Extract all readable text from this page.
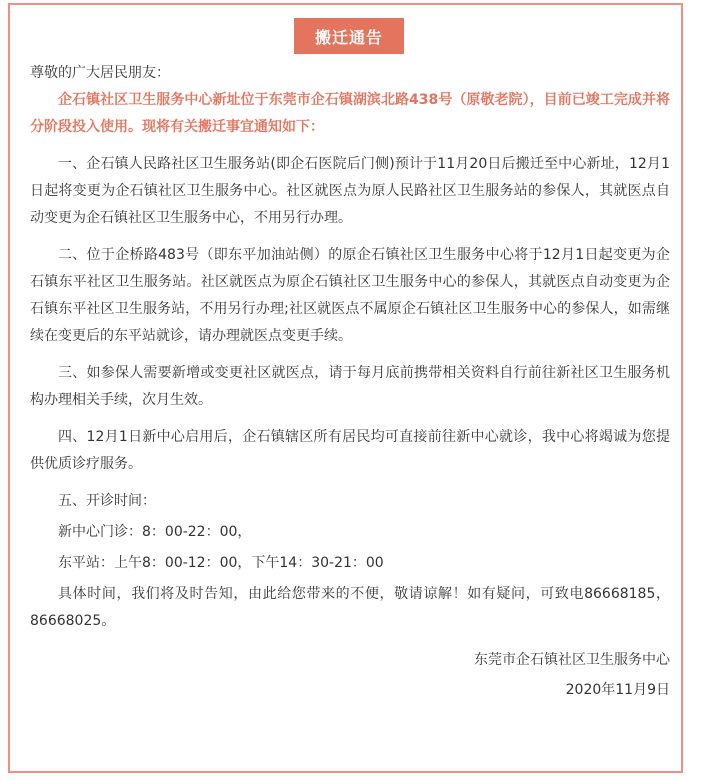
搬迁通告

尊敬的广大居民朋友：

企石镇社区卫生服务中心新址位于东莞市企石镇湖滨北路438号（原敬老院），目前已竣工完成并将分阶段投入使用。现将有关搬迁事宜通知如下：

一、企石镇人民路社区卫生服务站(即企石医院后门侧)预计于11月20日后搬迁至中心新址，12月1日起将变更为企石镇社区卫生服务中心。社区就医点为原人民路社区卫生服务站的参保人，其就医点自动变更为企石镇社区卫生服务中心，不用另行办理。

二、位于企桥路483号（即东平加油站侧）的原企石镇社区卫生服务中心将于12月1日起变更为企石镇东平社区卫生服务站。社区就医点为原企石镇社区卫生服务中心的参保人，其就医点自动变更为企石镇东平社区卫生服务站，不用另行办理;社区就医点不属原企石镇社区卫生服务中心的参保人，如需继续在变更后的东平站就诊，请办理就医点变更手续。

三、如参保人需要新增或变更社区就医点，请于每月底前携带相关资料自行前往新社区卫生服务机构办理相关手续，次月生效。

四、12月1日新中心启用后，企石镇辖区所有居民均可直接前往新中心就诊，我中心将竭诚为您提供优质诊疗服务。

五、开诊时间：

新中心门诊：8：00-22：00，

东平站：上午8：00-12：00，下午14：30-21：00

具体时间，我们将及时告知，由此给您带来的不便，敬请谅解！如有疑问，可致电86668185，86668025。

东莞市企石镇社区卫生服务中心
2020年11月9日
